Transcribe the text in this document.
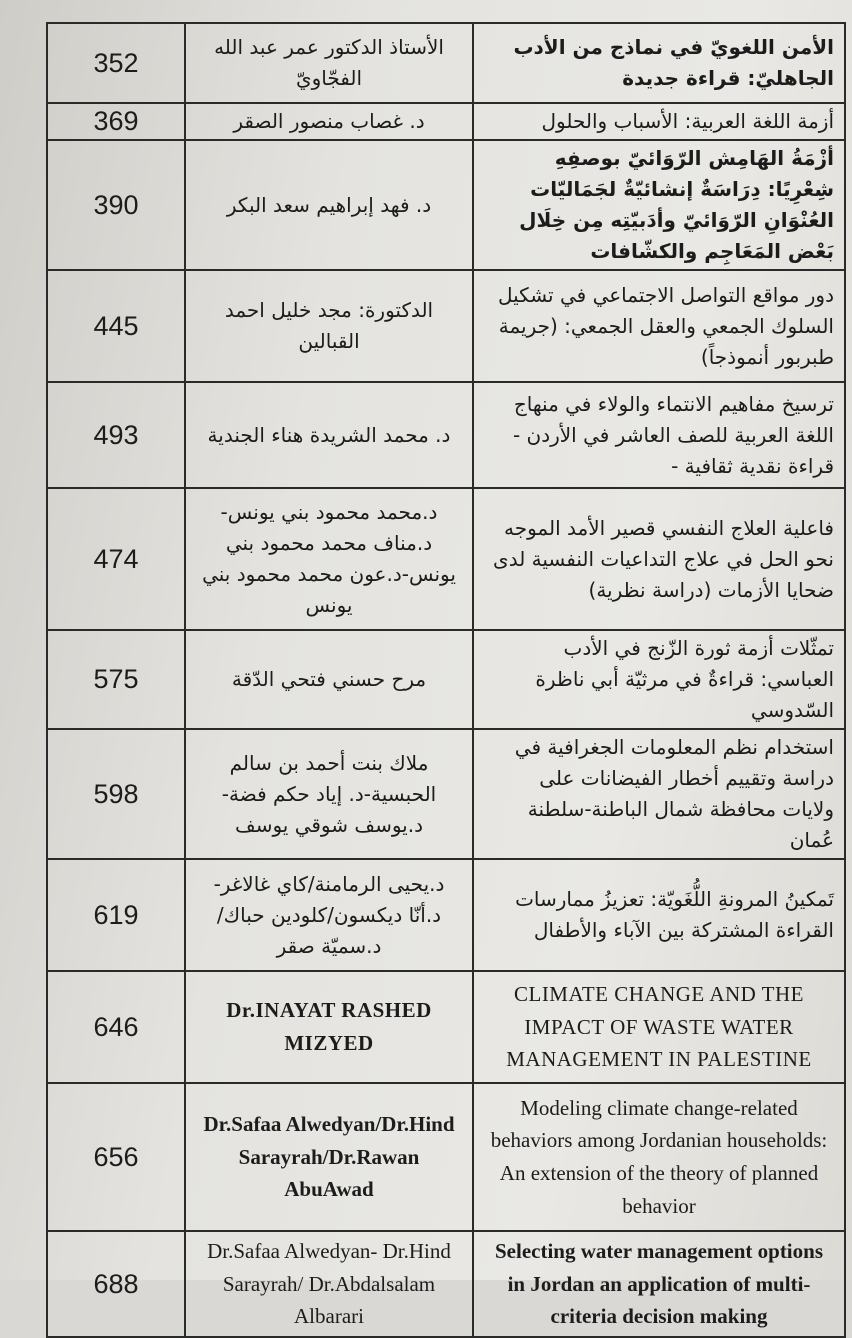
352	الأستاذ الدكتور عمر عبد الله الفجّاويّ	الأمن اللغويّ في نماذج من الأدب الجاهليّ: قراءة جديدة
369	د. غصاب منصور الصقر	أزمة اللغة العربية: الأسباب والحلول
390	د. فهد إبراهيم سعد البكر	أزْمَةُ الهَامِش الرّوَائيّ بوصفِهِ شِعْرِيًا: دِرَاسَةٌ إنشائيّةٌ لجَمَاليّات العُنْوَانِ الرّوَائيّ وأدَبيّتِه مِن خِلَال بَعْض المَعَاجِم والكشّافات
445	الدكتورة: مجد خليل احمد القبالين	دور مواقع التواصل الاجتماعي في تشكيل السلوك الجمعي والعقل الجمعي: (جريمة طبربور أنموذجاً)
493	د. محمد الشريدة هناء الجندية	ترسيخ مفاهيم الانتماء والولاء في منهاج اللغة العربية للصف العاشر في الأردن - قراءة نقدية ثقافية -
474	د.محمد محمود بني يونس- د.مناف محمد محمود بني يونس-د.عون محمد محمود بني يونس	فاعلية العلاج النفسي قصير الأمد الموجه نحو الحل في علاج التداعيات النفسية لدى ضحايا الأزمات (دراسة نظرية)
575	مرح حسني فتحي الدّقة	تمثّلات أزمة ثورة الزّنج في الأدب العباسي: قراءةٌ في مرثيّة أبي ناظرة السّدوسي
598	ملاك بنت أحمد بن سالم الحبسية-د. إياد حكم فضة- د.يوسف شوقي يوسف	استخدام نظم المعلومات الجغرافية في دراسة وتقييم أخطار الفيضانات على ولايات محافظة شمال الباطنة-سلطنة عُمان
619	د.يحيى الرمامنة/كاي غالاغر- د.أنّا ديكسون/كلودين حباك/ د.سميّة صقر	تَمكينُ المرونةِ اللُّغَويّة: تعزيزُ ممارسات القراءة المشتركة بين الآباء والأطفال
646	Dr.INAYAT RASHED MIZYED	CLIMATE CHANGE AND THE IMPACT OF WASTE WATER MANAGEMENT IN PALESTINE
656	Dr.Safaa Alwedyan/Dr.Hind Sarayrah/Dr.Rawan AbuAwad	Modeling climate change-related behaviors among Jordanian households: An extension of the theory of planned behavior
688	Dr.Safaa Alwedyan- Dr.Hind Sarayrah/ Dr.Abdalsalam Albarari	Selecting water management options in Jordan an application of multi-criteria decision making
